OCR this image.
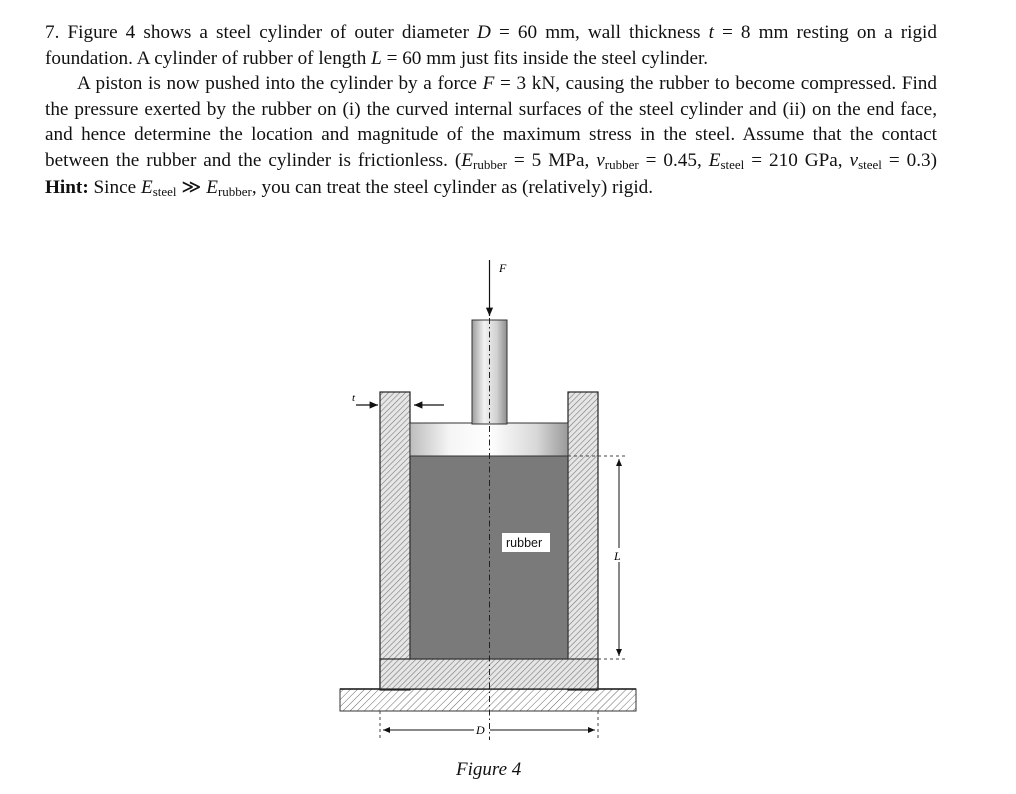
7. Figure 4 shows a steel cylinder of outer diameter D = 60 mm, wall thickness t = 8 mm resting on a rigid foundation. A cylinder of rubber of length L = 60 mm just fits inside the steel cylinder.

A piston is now pushed into the cylinder by a force F = 3 kN, causing the rubber to become compressed. Find the pressure exerted by the rubber on (i) the curved internal surfaces of the steel cylinder and (ii) on the end face, and hence determine the location and magnitude of the maximum stress in the steel. Assume that the contact between the rubber and the cylinder is frictionless. (Erubber = 5 MPa, νrubber = 0.45, Esteel = 210 GPa, νsteel = 0.3) Hint: Since Esteel ≫ Erubber, you can treat the steel cylinder as (relatively) rigid.

F
t
rubber
L
D
Figure 4
